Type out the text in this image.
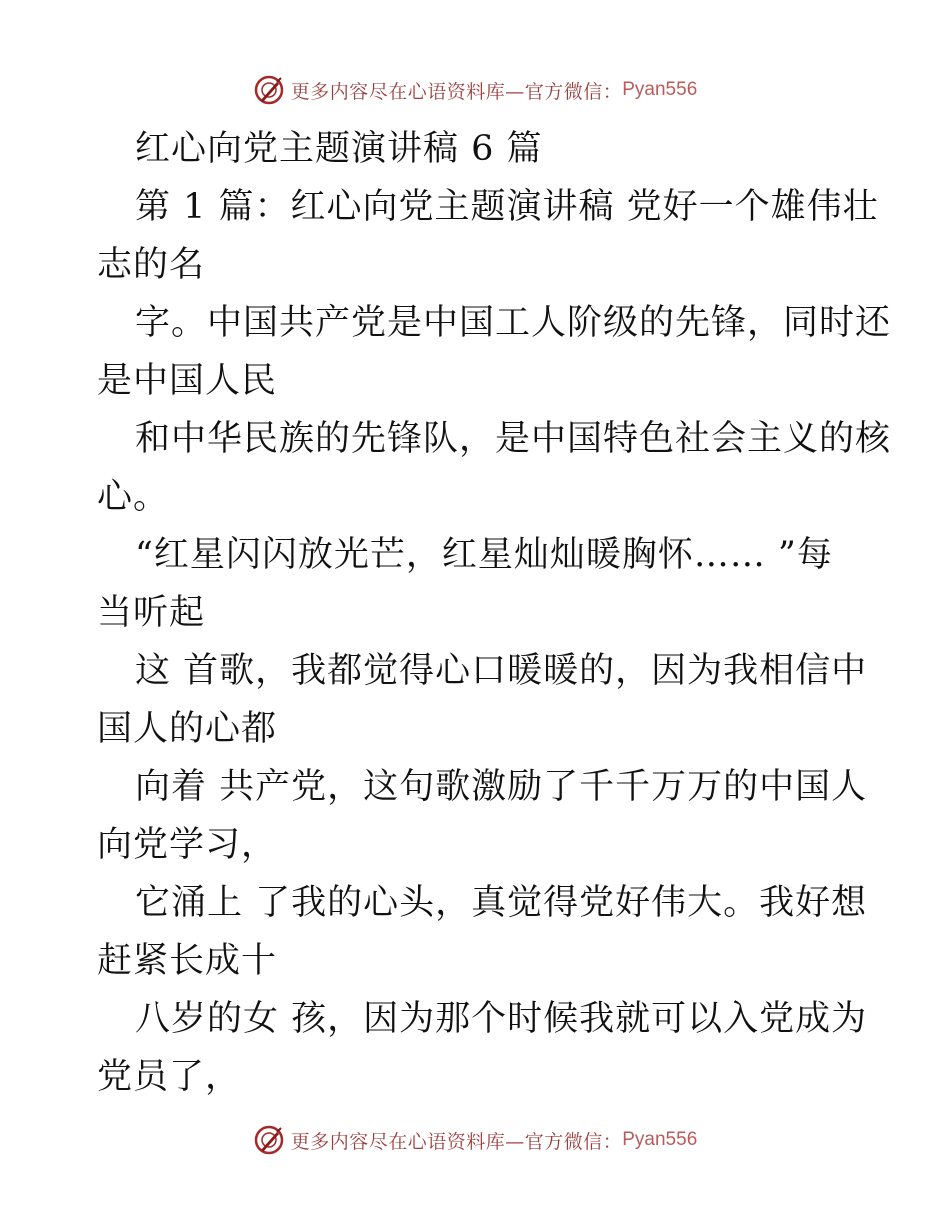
更多内容尽在心语资料库—官方微信： Pyan556
红心向党主题演讲稿 6 篇
第 1 篇：红心向党主题演讲稿 党好一个雄伟壮
志的名
字。中国共产党是中国工人阶级的先锋，同时还
是中国人民
和中华民族的先锋队，是中国特色社会主义的核
心。
“红星闪闪放光芒，红星灿灿暖胸怀…… ”每
当听起
这 首歌，我都觉得心口暖暖的，因为我相信中
国人的心都
向着 共产党，这句歌激励了千千万万的中国人
向党学习，
它涌上 了我的心头，真觉得党好伟大。我好想
赶紧长成十
八岁的女 孩，因为那个时候我就可以入党成为
党员了，
更多内容尽在心语资料库—官方微信： Pyan556
